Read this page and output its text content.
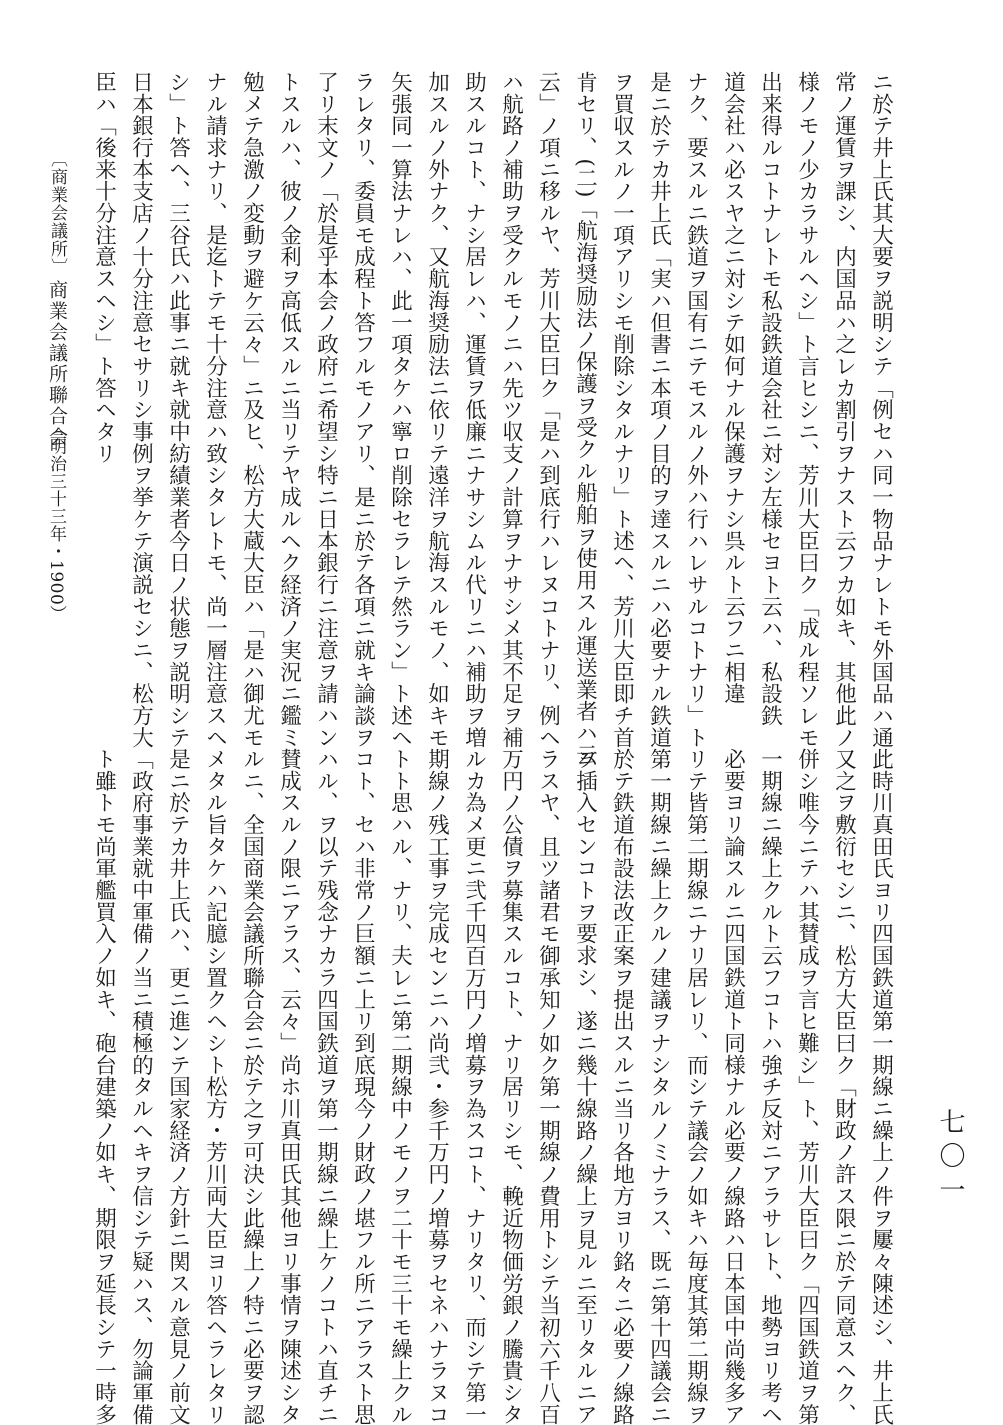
〔商業会議所〕
商業会議所聯合会
（明治三十三年・1900）	ニ於テ井上氏其大要ヲ説明シテ「例セハ同一物品ナレトモ外国品ハ通
常ノ運賃ヲ課シ、内国品ハ之レカ割引ヲナスト云フカ如キ、其他此ノ
様ノモノ少カラサルヘシ」ト言ヒシニ、芳川大臣曰ク「成ル程ソレモ
出来得ルコトナレトモ私設鉄道会社ニ対シ左様セヨト云ハ、私設鉄
道会社ハ必スヤ之ニ対シテ如何ナル保護ヲナシ呉ルト云フニ相違
ナク、要スルニ鉄道ヲ国有ニテモスルノ外ハ行ハレサルコトナリ」ト
是ニ於テカ井上氏「実ハ但書ニ本項ノ目的ヲ達スルニハ必要ナル鉄道
ヲ買収スルノ一項アリシモ削除シタルナリ」ト述ヘ、芳川大臣即チ首
肯セリ、(二)「航海奨励法ノ保護ヲ受クル船舶ヲ使用スル運送業者ハ云
云」ノ項ニ移ルヤ、芳川大臣曰ク「是ハ到底行ハレヌコトナリ、例ヘ
ハ航路ノ補助ヲ受クルモノニハ先ツ収支ノ計算ヲナサシメ其不足ヲ補
助スルコト、ナシ居レハ、運賃ヲ低廉ニナサシムル代リニハ補助ヲ増
加スルノ外ナク、又航海奨励法ニ依リテ遠洋ヲ航海スルモノ、如キモ
矢張同一算法ナレハ、此一項タケハ寧ロ削除セラレテ然ラン」ト述ヘ
ラレタリ、委員モ成程ト答フルモノアリ、是ニ於テ各項ニ就キ論談ヲ
了リ末文ノ「於是乎本会ノ政府ニ希望シ特ニ日本銀行ニ注意ヲ請ハン
トスルハ、彼ノ金利ヲ高低スルニ当リテヤ成ルヘク経済ノ実況ニ鑑ミ
勉メテ急激ノ変動ヲ避ケ云々」ニ及ヒ、松方大蔵大臣ハ「是ハ御尤モ
ナル請求ナリ、是迄トテモ十分注意ハ致シタレトモ、尚一層注意スヘ
シ」ト答ヘ、三谷氏ハ此事ニ就キ就中紡績業者今日ノ状態ヲ説明シテ
日本銀行本支店ノ十分注意セサリシ事例ヲ挙ケテ演説セシニ、松方大
臣ハ「後来十分注意スヘシ」ト答ヘタリ
此時川真田氏ヨリ四国鉄道第一期線ニ繰上ノ件ヲ屢々陳述シ、井上氏
又之ヲ敷衍セシニ、松方大臣曰ク「財政ノ許ス限ニ於テ同意スヘク、
併シ唯今ニテハ其賛成ヲ言ヒ難シ」ト、芳川大臣曰ク「四国鉄道ヲ第
一期線ニ繰上クルト云フコトハ強チ反対ニアラサレト、地勢ヨリ考ヘ
必要ヨリ論スルニ四国鉄道ト同様ナル必要ノ線路ハ日本国中尚幾多ア
リテ皆第二期線ニナリ居レリ、而シテ議会ノ如キハ毎度其第二期線ヲ
第一期線ニ繰上クルノ建議ヲナシタルノミナラス、既ニ第十四議会ニ
於テ鉄道布設法改正案ヲ提出スルニ当リ各地方ヨリ銘々ニ必要ノ線路
ヲ插入センコトヲ要求シ、遂ニ幾十線路ノ繰上ヲ見ルニ至リタルニア
ラスヤ、且ツ諸君モ御承知ノ如ク第一期線ノ費用トシテ当初六千八百
万円ノ公債ヲ募集スルコト、ナリ居リシモ、輓近物価労銀ノ騰貴シタ
ルカ為メ更ニ弐千四百万円ノ増募ヲ為スコト、ナリタリ、而シテ第一
期線ノ残工事ヲ完成センニハ尚弐・参千万円ノ増募ヲセネハナラヌコ
トト思ハル、ナリ、夫レニ第二期線中ノモノヲ二十モ三十モ繰上クル
コト、セハ非常ノ巨額ニ上リ到底現今ノ財政ノ堪フル所ニアラスト思
ハル、ヲ以テ残念ナカラ四国鉄道ヲ第一期線ニ繰上ケノコトハ直チニ
賛成スルノ限ニアラス、云々」尚ホ川真田氏其他ヨリ事情ヲ陳述シタ
ルニ、全国商業会議所聯合会ニ於テ之ヲ可決シ此繰上ノ特ニ必要ヲ認
メタル旨タケハ記臆シ置クヘシト松方・芳川両大臣ヨリ答ヘラレタリ
是ニ於テカ井上氏ハ、更ニ進ンテ国家経済ノ方針ニ関スル意見ノ前文
「政府事業就中軍備ノ当ニ積極的タルヘキヲ信シテ疑ハス、勿論軍備
ト雖トモ尚軍艦買入ノ如キ、砲台建築ノ如キ、期限ヲ延長シテ一時多	七〇一
